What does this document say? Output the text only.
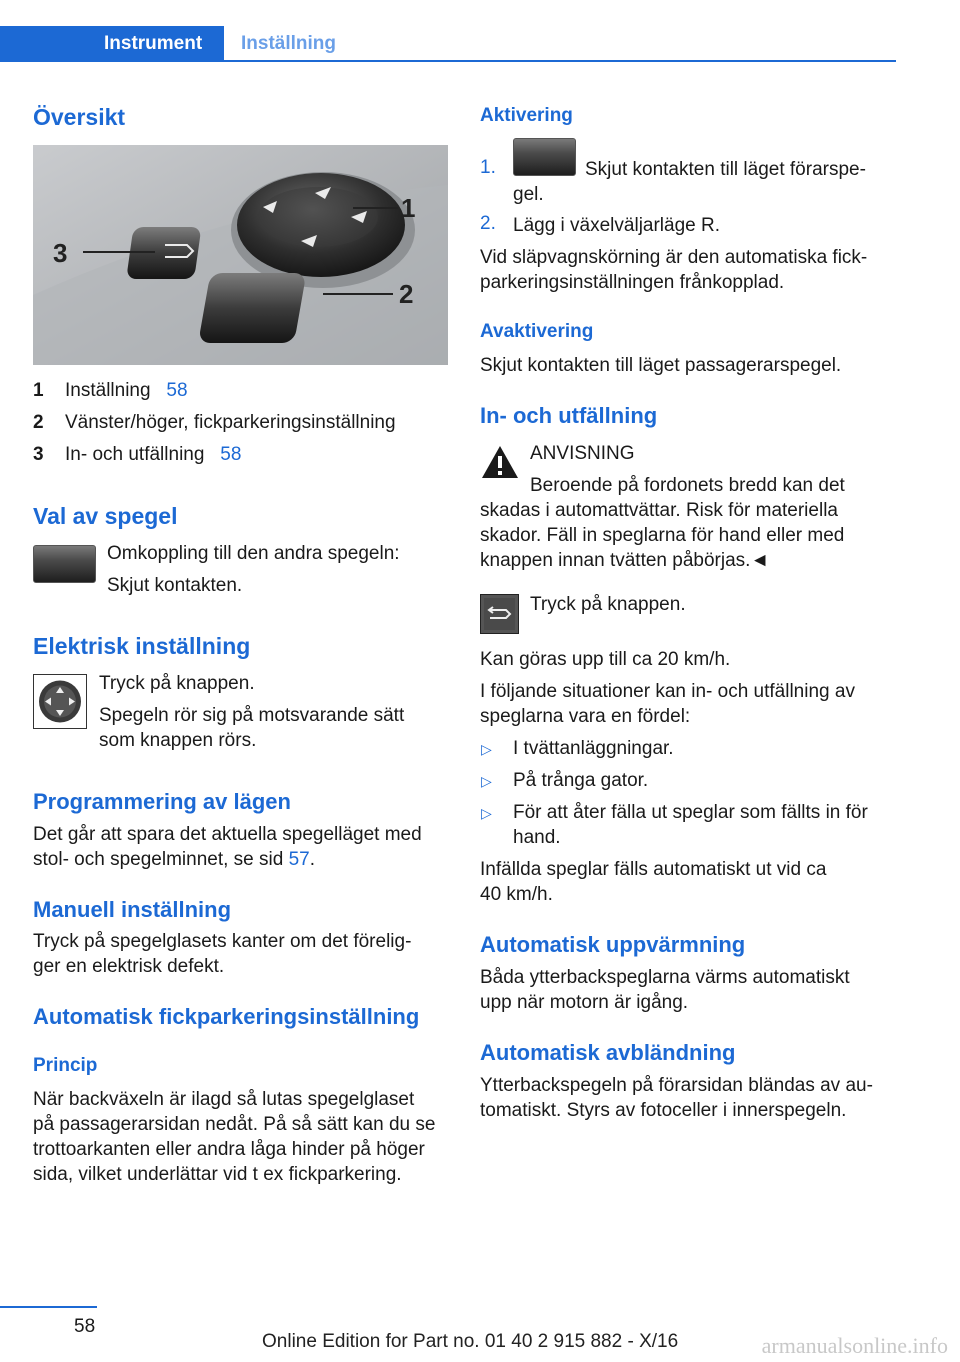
Instrument	Inställning
Översikt
1
2
3
1 Inställning 58
2 Vänster/höger, fickparkeringsinställning
3 In- och utfällning 58
Val av spegel
Omkoppling till den andra spegeln:
Skjut kontakten.
Elektrisk inställning
Tryck på knappen.
Spegeln rör sig på motsvarande sätt
som knappen rörs.
Programmering av lägen
Det går att spara det aktuella spegelläget med
stol- och spegelminnet, se sid 57.
Manuell inställning
Tryck på spegelglasets kanter om det förelig-
ger en elektrisk defekt.
Automatisk fickparkeringsinställning
Princip
När backväxeln är ilagd så lutas spegelglaset
på passagerarsidan nedåt. På så sätt kan du se
trottoarkanten eller andra låga hinder på höger
sida, vilket underlättar vid t ex fickparkering.
Aktivering
1.	Skjut kontakten till läget förarspe-
gel.
2. Lägg i växelväljarläge R.
Vid släpvagnskörning är den automatiska fick-
parkeringsinställningen frånkopplad.
Avaktivering
Skjut kontakten till läget passagerarspegel.
In- och utfällning
ANVISNING
Beroende på fordonets bredd kan det
skadas i automattvättar. Risk för materiella
skador. Fäll in speglarna för hand eller med
knappen innan tvätten påbörjas.◄
Tryck på knappen.
Kan göras upp till ca 20 km/h.
I följande situationer kan in- och utfällning av
speglarna vara en fördel:
▷ I tvättanläggningar.
▷ På trånga gator.
▷ För att åter fälla ut speglar som fällts in för
hand.
Infällda speglar fälls automatiskt ut vid ca
40 km/h.
Automatisk uppvärmning
Båda ytterbackspeglarna värms automatiskt
upp när motorn är igång.
Automatisk avbländning
Ytterbackspegeln på förarsidan bländas av au-
tomatiskt. Styrs av fotoceller i innerspegeln.
58
Online Edition for Part no. 01 40 2 915 882 - X/16	armanualsonline.info
